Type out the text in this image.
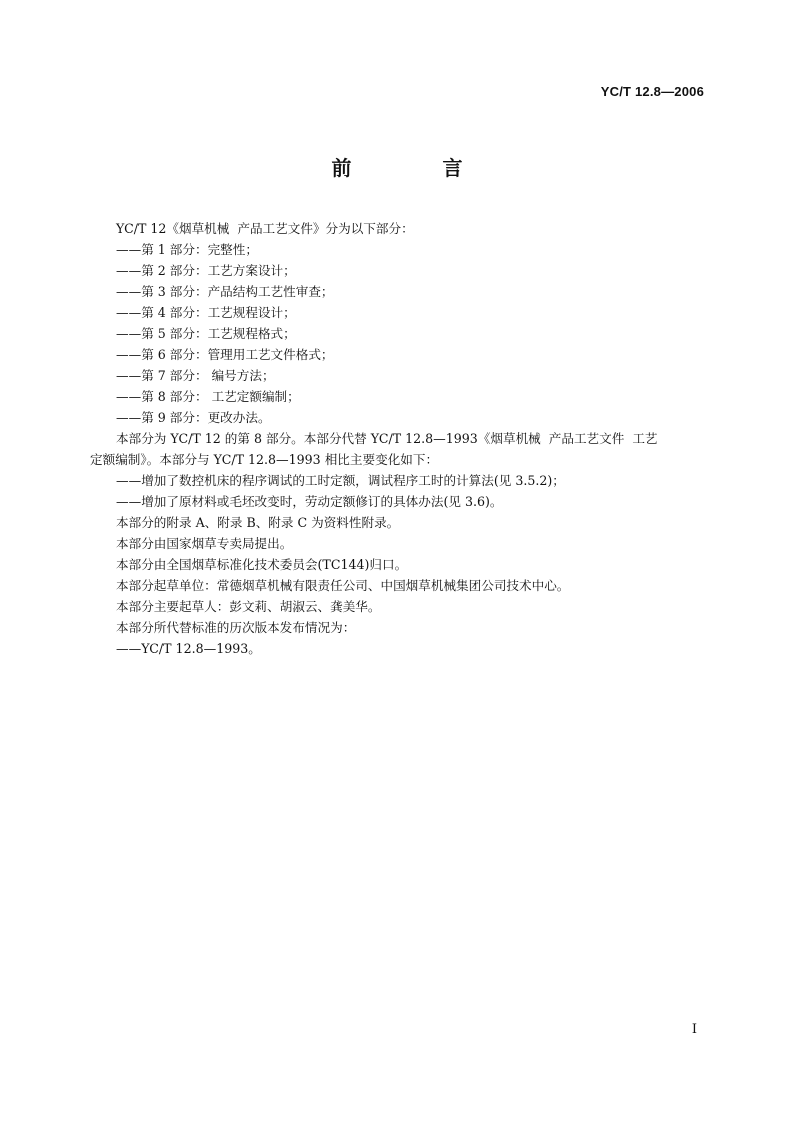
YC/T 12.8—2006
前 言

YC/T 12《烟草机械  产品工艺文件》分为以下部分：

——第 1 部分：完整性；

——第 2 部分：工艺方案设计；

——第 3 部分：产品结构工艺性审查；

——第 4 部分：工艺规程设计；

——第 5 部分：工艺规程格式；

——第 6 部分：管理用工艺文件格式；

——第 7 部分： 编号方法；

——第 8 部分： 工艺定额编制；

——第 9 部分：更改办法。

本部分为 YC/T 12 的第 8 部分。本部分代替 YC/T 12.8—1993《烟草机械  产品工艺文件  工艺

定额编制》。本部分与 YC/T 12.8—1993 相比主要变化如下：

——增加了数控机床的程序调试的工时定额，调试程序工时的计算法(见 3.5.2)；

——增加了原材料或毛坯改变时，劳动定额修订的具体办法(见 3.6)。

本部分的附录 A、附录 B、附录 C 为资料性附录。

本部分由国家烟草专卖局提出。

本部分由全国烟草标准化技术委员会(TC144)归口。

本部分起草单位：常德烟草机械有限责任公司、中国烟草机械集团公司技术中心。

本部分主要起草人：彭文莉、胡淑云、龚美华。

本部分所代替标准的历次版本发布情况为：

——YC/T 12.8—1993。

I
